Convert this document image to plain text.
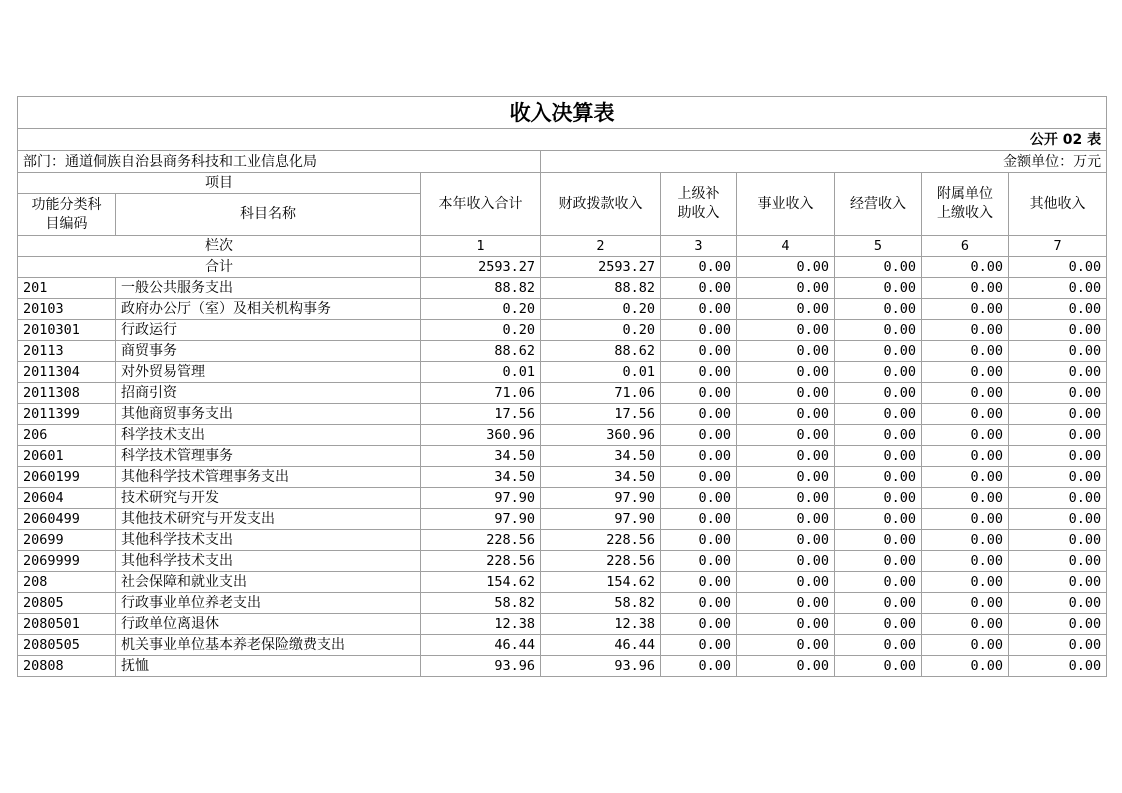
收入决算表								
公开 02 表								
部门：通道侗族自治县商务科技和工业信息化局			金额单位：万元					
项目		本年收入合计	财政拨款收入	上级补助收入	事业收入	经营收入	附属单位上缴收入	其他收入
功能分类科目编码	科目名称							
栏次		1	2	3	4	5	6	7
合计		2593.27	2593.27	0.00	0.00	0.00	0.00	0.00
201	一般公共服务支出	88.82	88.82	0.00	0.00	0.00	0.00	0.00
20103	政府办公厅（室）及相关机构事务	0.20	0.20	0.00	0.00	0.00	0.00	0.00
2010301	行政运行	0.20	0.20	0.00	0.00	0.00	0.00	0.00
20113	商贸事务	88.62	88.62	0.00	0.00	0.00	0.00	0.00
2011304	对外贸易管理	0.01	0.01	0.00	0.00	0.00	0.00	0.00
2011308	招商引资	71.06	71.06	0.00	0.00	0.00	0.00	0.00
2011399	其他商贸事务支出	17.56	17.56	0.00	0.00	0.00	0.00	0.00
206	科学技术支出	360.96	360.96	0.00	0.00	0.00	0.00	0.00
20601	科学技术管理事务	34.50	34.50	0.00	0.00	0.00	0.00	0.00
2060199	其他科学技术管理事务支出	34.50	34.50	0.00	0.00	0.00	0.00	0.00
20604	技术研究与开发	97.90	97.90	0.00	0.00	0.00	0.00	0.00
2060499	其他技术研究与开发支出	97.90	97.90	0.00	0.00	0.00	0.00	0.00
20699	其他科学技术支出	228.56	228.56	0.00	0.00	0.00	0.00	0.00
2069999	其他科学技术支出	228.56	228.56	0.00	0.00	0.00	0.00	0.00
208	社会保障和就业支出	154.62	154.62	0.00	0.00	0.00	0.00	0.00
20805	行政事业单位养老支出	58.82	58.82	0.00	0.00	0.00	0.00	0.00
2080501	行政单位离退休	12.38	12.38	0.00	0.00	0.00	0.00	0.00
2080505	机关事业单位基本养老保险缴费支出	46.44	46.44	0.00	0.00	0.00	0.00	0.00
20808	抚恤	93.96	93.96	0.00	0.00	0.00	0.00	0.00
